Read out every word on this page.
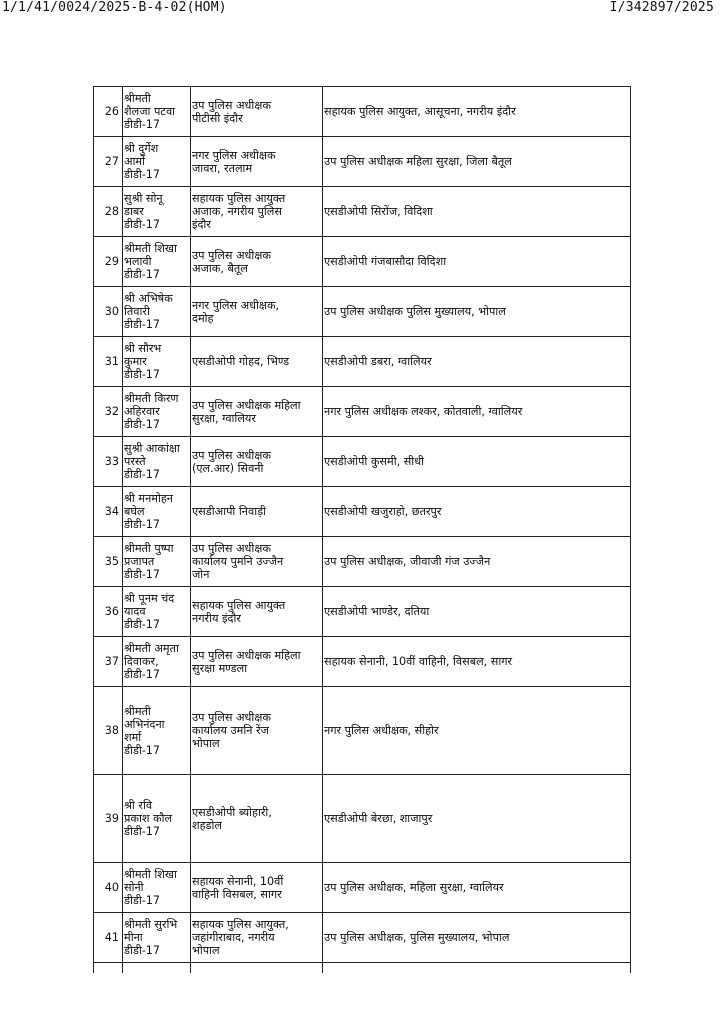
1/1/41/0024/2025-B-4-02(HOM)	I/342897/2025
26	श्रीमती
शैलजा पटवा
डीडी-17	उप पुलिस अधीक्षक
पीटीसी इंदौर	सहायक पुलिस आयुक्त, आसूचना, नगरीय इंदौर
27	श्री दुर्गेश
आर्मो
डीडी-17	नगर पुलिस अधीक्षक
जावरा, रतलाम	उप पुलिस अधीक्षक महिला सुरक्षा, जिला बैतूल
28	सुश्री सोनू
डाबर
डीडी-17	सहायक पुलिस आयुक्त
अजाक, नगरीय पुलिस
इंदौर	एसडीओपी सिरोंज, विदिशा
29	श्रीमती शिखा
भलावी
डीडी-17	उप पुलिस अधीक्षक
अजाक, बैतूल	एसडीओपी गंजबासौदा विदिशा
30	श्री अभिषेक
तिवारी
डीडी-17	नगर पुलिस अधीक्षक,
दमोह	उप पुलिस अधीक्षक पुलिस मुख्यालय, भोपाल
31	श्री सौरभ
कुमार
डीडी-17	एसडीओपी गोहद, भिण्ड	एसडीओपी डबरा, ग्वालियर
32	श्रीमती किरण
अहिरवार
डीडी-17	उप पुलिस अधीक्षक महिला
सुरक्षा, ग्वालियर	नगर पुलिस अधीक्षक लश्कर, कोतवाली, ग्वालियर
33	सुश्री आकांक्षा
परस्ते
डीडी-17	उप पुलिस अधीक्षक
(एल.आर) सिवनी	एसडीओपी कुसमी, सीधी
34	श्री मनमोहन
बघेल
डीडी-17	एसडीआपी निवाड़ी	एसडीओपी खजुराहो, छतरपुर
35	श्रीमती पुष्पा
प्रजापत
डीडी-17	उप पुलिस अधीक्षक
कार्यालय पुमनि उज्जैन
जोन	उप पुलिस अधीक्षक, जीवाजी गंज उज्जैन
36	श्री पूनम चंद
यादव
डीडी-17	सहायक पुलिस आयुक्त
नगरीय इंदौर	एसडीओपी भाण्डेर, दतिया
37	श्रीमती अमृता
दिवाकर,
डीडी-17	उप पुलिस अधीक्षक महिला
सुरक्षा मण्डला	सहायक सेनानी, 10वीं वाहिनी, विसबल, सागर
38	श्रीमती
अभिनंदना
शर्मा
डीडी-17	उप पुलिस अधीक्षक
कार्यालय उमनि रेंज
भोपाल	नगर पुलिस अधीक्षक, सीहोर
39	श्री रवि
प्रकाश कौल
डीडी-17	एसडीओपी ब्योहारी,
शहडोल	एसडीओपी बेरछा, शाजापुर
40	श्रीमती शिखा
सोनी
डीडी-17	सहायक सेनानी, 10वीं
वाहिनी विसबल, सागर	उप पुलिस अधीक्षक, महिला सुरक्षा, ग्वालियर
41	श्रीमती सुरभि
मीना
डीडी-17	सहायक पुलिस आयुक्त,
जहांगीराबाद, नगरीय
भोपाल	उप पुलिस अधीक्षक, पुलिस मुख्यालय, भोपाल
